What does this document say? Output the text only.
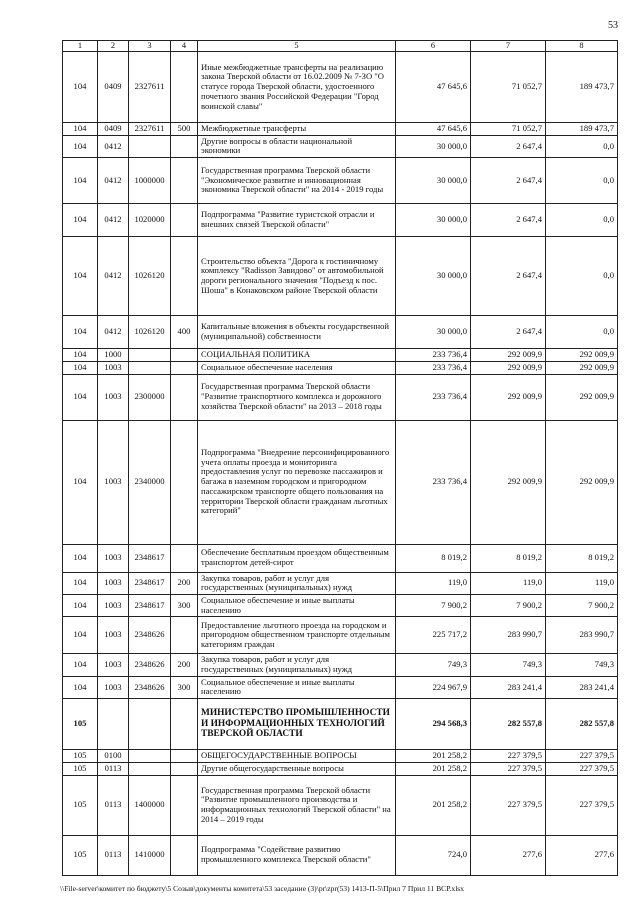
53
1	2	3	4	5	6	7	8
104	0409	2327611		Иные межбюджетные трансферты на реализацию закона Тверской области от 16.02.2009 № 7-ЗО "О статусе города Тверской области, удостоенного почетного звания Российской Федерации "Город воинской славы"	47 645,6	71 052,7	189 473,7
104	0409	2327611	500	Межбюджетные трансферты	47 645,6	71 052,7	189 473,7
104	0412			Другие вопросы в области национальной экономики	30 000,0	2 647,4	0,0
104	0412	1000000		Государственная программа Тверской области "Экономическое развитие и инновационная экономика Тверской области" на 2014 - 2019 годы	30 000,0	2 647,4	0,0
104	0412	1020000		Подпрограмма "Развитие туристской отрасли и внешних связей Тверской области"	30 000,0	2 647,4	0,0
104	0412	1026120		Строительство объекта "Дорога к гостиничному комплексу "Radisson Завидово" от автомобильной дороги регионального значения "Подъезд к пос. Шоша" в Конаковском районе Тверской области	30 000,0	2 647,4	0,0
104	0412	1026120	400	Капитальные вложения в объекты государственной (муниципальной) собственности	30 000,0	2 647,4	0,0
104	1000			СОЦИАЛЬНАЯ ПОЛИТИКА	233 736,4	292 009,9	292 009,9
104	1003			Социальное обеспечение населения	233 736,4	292 009,9	292 009,9
104	1003	2300000		Государственная программа Тверской области "Развитие транспортного комплекса и дорожного хозяйства Тверской области" на 2013 – 2018 годы	233 736,4	292 009,9	292 009,9
104	1003	2340000		Подпрограмма "Внедрение персонифицированного учета оплаты проезда и мониторинга предоставления услуг по перевозке пассажиров и багажа в наземном городском и пригородном пассажирском транспорте общего пользования на территории Тверской области гражданам льготных категорий"	233 736,4	292 009,9	292 009,9
104	1003	2348617		Обеспечение бесплатным проездом общественным транспортом детей-сирот	8 019,2	8 019,2	8 019,2
104	1003	2348617	200	Закупка товаров, работ и услуг для государственных (муниципальных) нужд	119,0	119,0	119,0
104	1003	2348617	300	Социальное обеспечение и иные выплаты населению	7 900,2	7 900,2	7 900,2
104	1003	2348626		Предоставление льготного проезда на городском и пригородном общественном транспорте отдельным категориям граждан	225 717,2	283 990,7	283 990,7
104	1003	2348626	200	Закупка товаров, работ и услуг для государственных (муниципальных) нужд	749,3	749,3	749,3
104	1003	2348626	300	Социальное обеспечение и иные выплаты населению	224 967,9	283 241,4	283 241,4
105				МИНИСТЕРСТВО ПРОМЫШЛЕННОСТИ И ИНФОРМАЦИОННЫХ ТЕХНОЛОГИЙ ТВЕРСКОЙ ОБЛАСТИ	294 568,3	282 557,8	282 557,8
105	0100			ОБЩЕГОСУДАРСТВЕННЫЕ ВОПРОСЫ	201 258,2	227 379,5	227 379,5
105	0113			Другие общегосударственные вопросы	201 258,2	227 379,5	227 379,5
105	0113	1400000		Государственная программа Тверской области "Развитие промышленного производства и информационных технологий Тверской области" на 2014 – 2019 годы	201 258,2	227 379,5	227 379,5
105	0113	1410000		Подпрограмма "Содействие развитию промышленного комплекса Тверской области"	724,0	277,6	277,6
\\File-server\комитет по бюджету\5 Созыв\документы комитета\53 заседание (3)\pr\zpr(53) 1413-П-5\Прил 7 Прил 11 ВСР.xlsx
